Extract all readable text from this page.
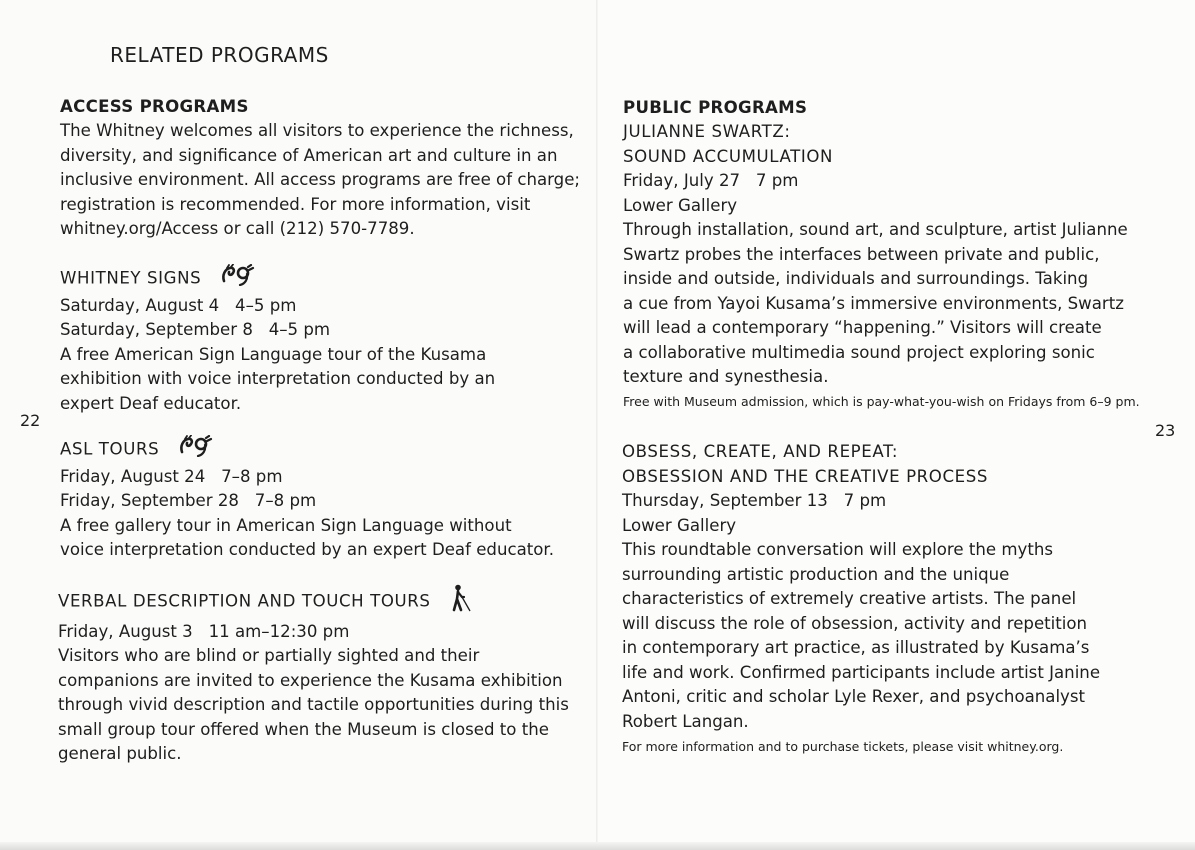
RELATED PROGRAMS
22
23

ACCESS PROGRAMS

The Whitney welcomes all visitors to experience the richness,

diversity, and significance of American art and culture in an

inclusive environment. All access programs are free of charge;

registration is recommended. For more information, visit

whitney.org/Access or call (212) 570-7789.

WHITNEY SIGNS

Saturday, August 4   4–5 pm

Saturday, September 8   4–5 pm

A free American Sign Language tour of the Kusama

exhibition with voice interpretation conducted by an

expert Deaf educator.

ASL TOURS

Friday, August 24   7–8 pm

Friday, September 28   7–8 pm

A free gallery tour in American Sign Language without

voice interpretation conducted by an expert Deaf educator.

VERBAL DESCRIPTION AND TOUCH TOURS

Friday, August 3   11 am–12:30 pm

Visitors who are blind or partially sighted and their

companions are invited to experience the Kusama exhibition

through vivid description and tactile opportunities during this

small group tour offered when the Museum is closed to the

general public.

PUBLIC PROGRAMS

JULIANNE SWARTZ:

SOUND ACCUMULATION

Friday, July 27   7 pm

Lower Gallery

Through installation, sound art, and sculpture, artist Julianne

Swartz probes the interfaces between private and public,

inside and outside, individuals and surroundings. Taking

a cue from Yayoi Kusama’s immersive environments, Swartz

will lead a contemporary “happening.” Visitors will create

a collaborative multimedia sound project exploring sonic

texture and synesthesia.

Free with Museum admission, which is pay-what-you-wish on Fridays from 6–9 pm.

OBSESS, CREATE, AND REPEAT:

OBSESSION AND THE CREATIVE PROCESS

Thursday, September 13   7 pm

Lower Gallery

This roundtable conversation will explore the myths

surrounding artistic production and the unique

characteristics of extremely creative artists. The panel

will discuss the role of obsession, activity and repetition

in contemporary art practice, as illustrated by Kusama’s

life and work. Confirmed participants include artist Janine

Antoni, critic and scholar Lyle Rexer, and psychoanalyst

Robert Langan.

For more information and to purchase tickets, please visit whitney.org.
